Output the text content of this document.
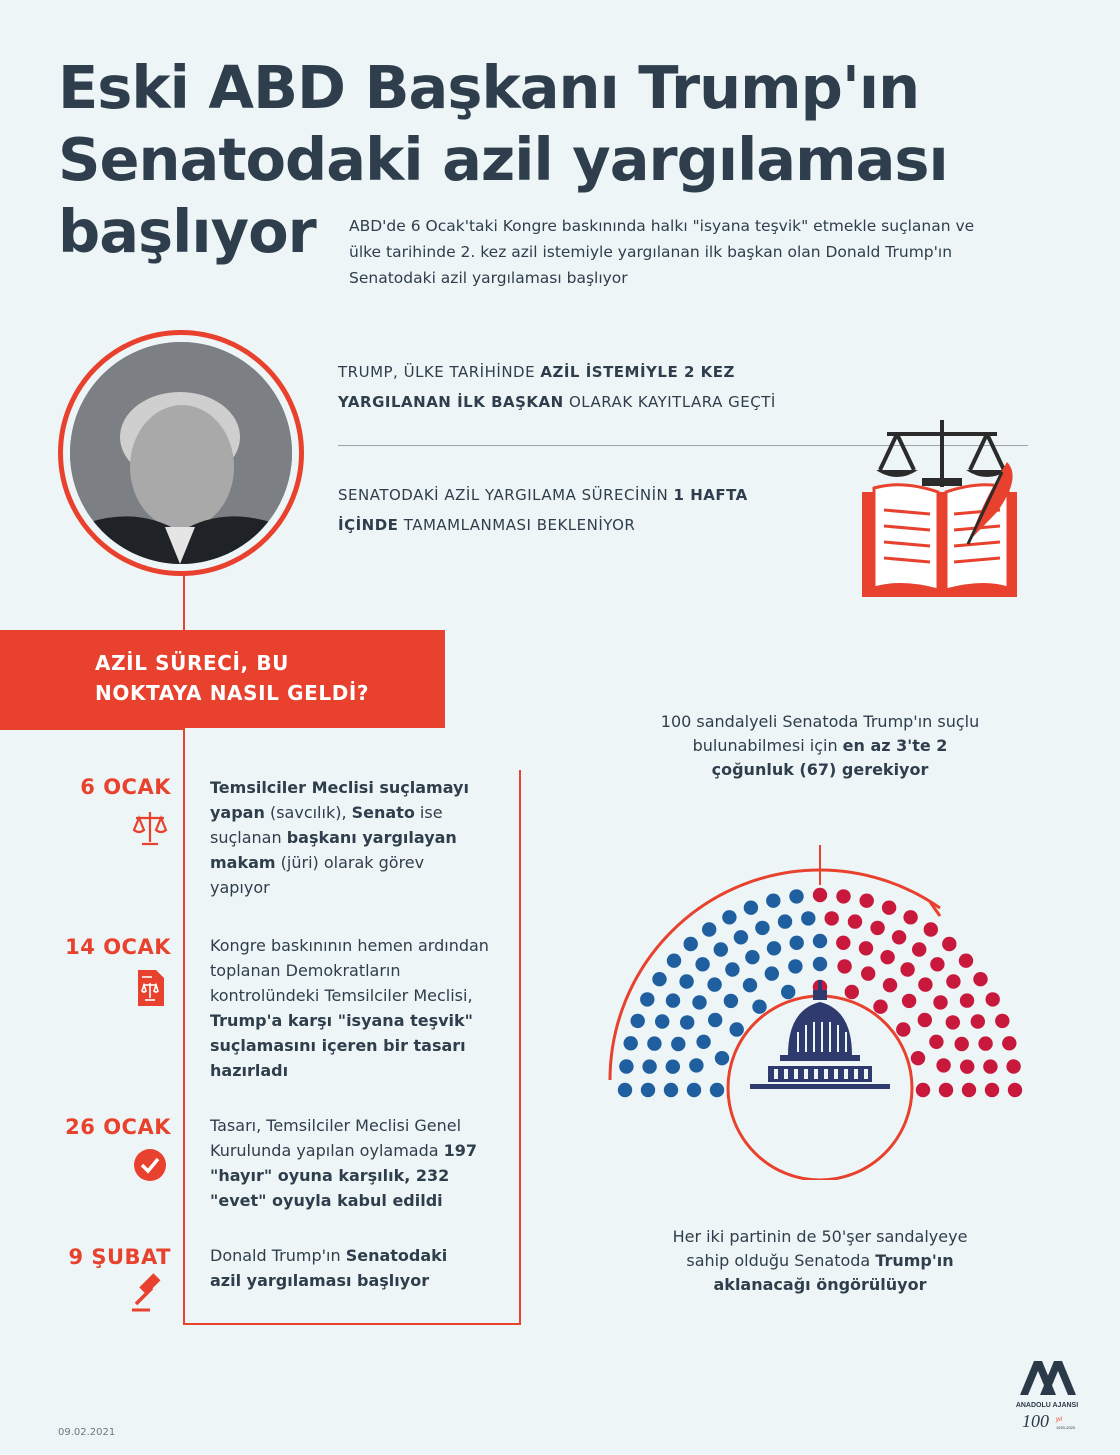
Eski ABD Başkanı Trump'ın Senatodaki azil yargılaması başlıyor	ABD'de 6 Ocak'taki Kongre baskınında halkı "isyana teşvik" etmekle suçlanan ve ülke tarihinde 2. kez azil istemiyle yargılanan ilk başkan olan Donald Trump'ın Senatodaki azil yargılaması başlıyor
TRUMP, ÜLKE TARİHİNDE AZİL İSTEMİYLE 2 KEZ YARGILANAN İLK BAŞKAN OLARAK KAYITLARA GEÇTİ
SENATODAKİ AZİL YARGILAMA SÜRECİNİN 1 HAFTA İÇİNDE TAMAMLANMASI BEKLENİYOR
AZİL SÜRECİ, BU
NOKTAYA NASIL GELDİ?
6 OCAK
14 OCAK
26 OCAK
9 ŞUBAT
Temsilciler Meclisi suçlamayı yapan (savcılık), Senato ise suçlanan başkanı yargılayan makam (jüri) olarak görev yapıyor
Kongre baskınının hemen ardından toplanan Demokratların kontrolündeki Temsilciler Meclisi, Trump'a karşı "isyana teşvik" suçlamasını içeren bir tasarı hazırladı
Tasarı, Temsilciler Meclisi Genel Kurulunda yapılan oylamada 197 "hayır" oyuna karşılık, 232 "evet" oyuyla kabul edildi
Donald Trump'ın Senatodaki azil yargılaması başlıyor
100 sandalyeli Senatoda Trump'ın suçlu bulunabilmesi için en az 3'te 2 çoğunluk (67) gerekiyor
Her iki partinin de 50'şer sandalyeye sahip olduğu Senatoda Trump'ın aklanacağı öngörülüyor
09.02.2021
ANADOLU AJANSI
100 yıl
1920-2020
